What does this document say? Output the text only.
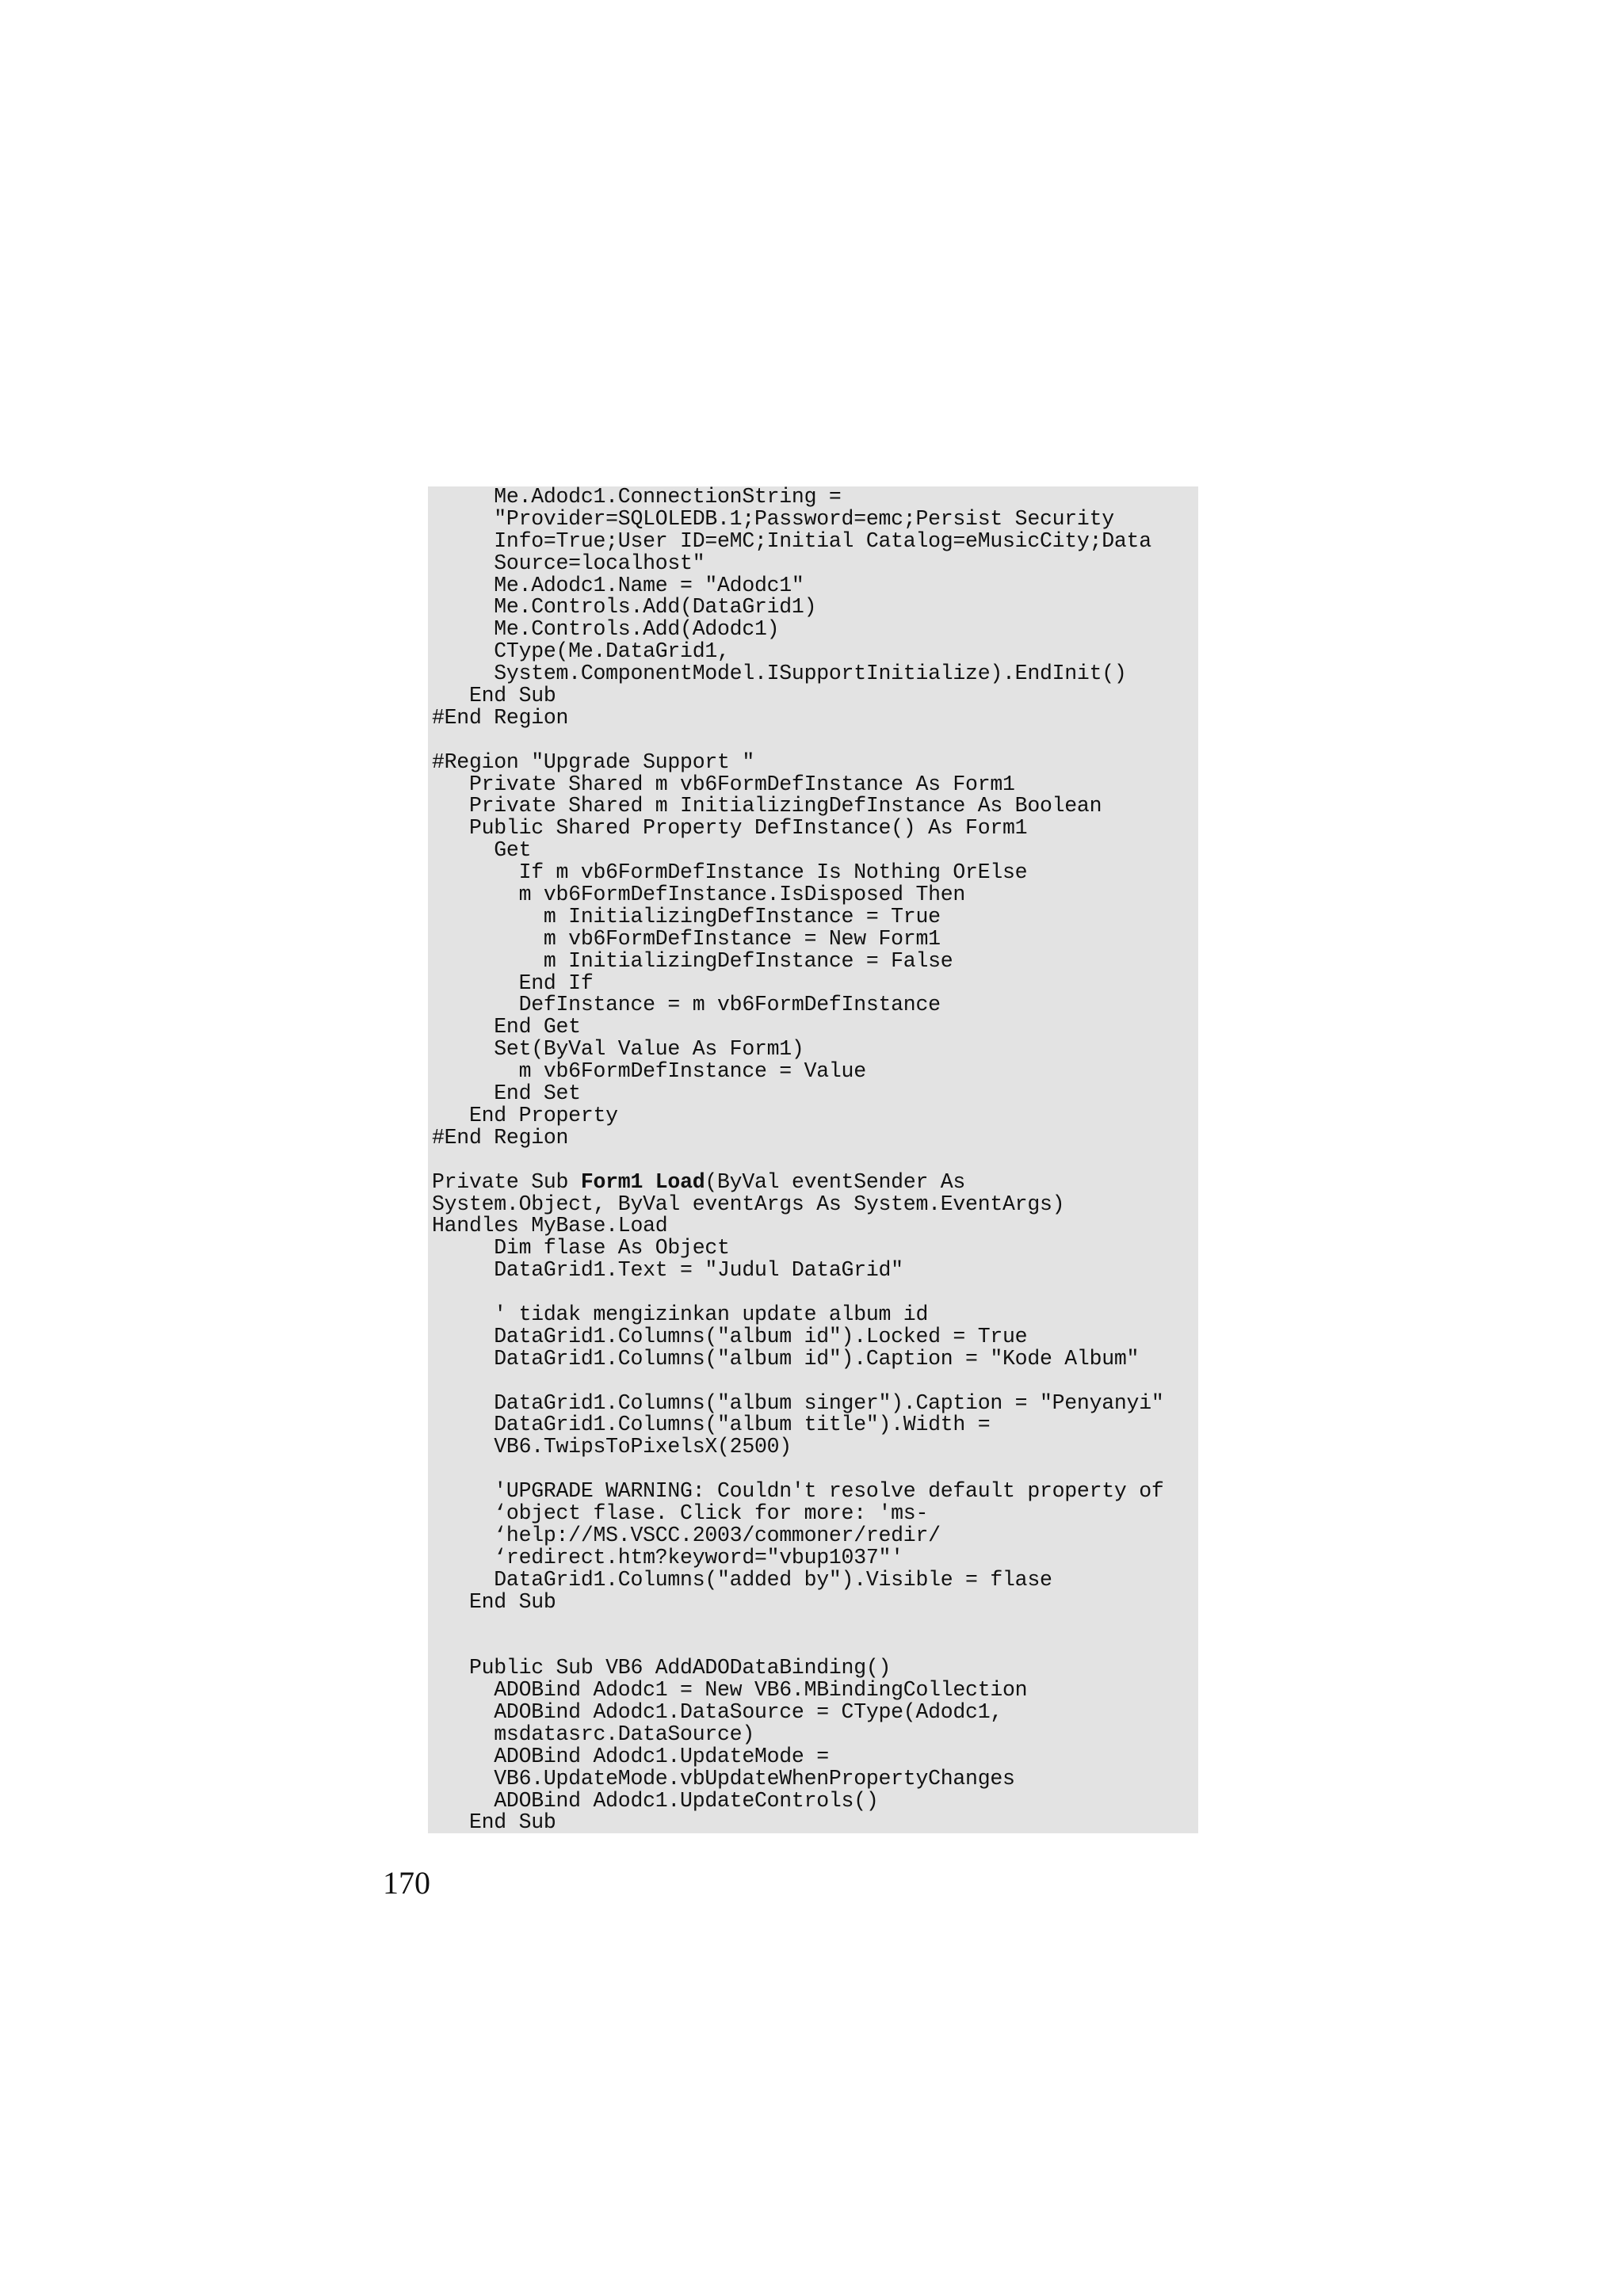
Me.Adodc1.ConnectionString =
"Provider=SQLOLEDB.1;Password=emc;Persist Security
Info=True;User ID=eMC;Initial Catalog=eMusicCity;Data
Source=localhost"
Me.Adodc1.Name = "Adodc1"
Me.Controls.Add(DataGrid1)
Me.Controls.Add(Adodc1)
CType(Me.DataGrid1,
System.ComponentModel.ISupportInitialize).EndInit()
End Sub
#End Region
#Region "Upgrade Support "
Private Shared m vb6FormDefInstance As Form1
Private Shared m InitializingDefInstance As Boolean
Public Shared Property DefInstance() As Form1
Get
If m vb6FormDefInstance Is Nothing OrElse
m vb6FormDefInstance.IsDisposed Then
m InitializingDefInstance = True
m vb6FormDefInstance = New Form1
m InitializingDefInstance = False
End If
DefInstance = m vb6FormDefInstance
End Get
Set(ByVal Value As Form1)
m vb6FormDefInstance = Value
End Set
End Property
#End Region
Private Sub Form1 Load(ByVal eventSender As
System.Object, ByVal eventArgs As System.EventArgs)
Handles MyBase.Load
Dim flase As Object
DataGrid1.Text = "Judul DataGrid"
' tidak mengizinkan update album id
DataGrid1.Columns("album id").Locked = True
DataGrid1.Columns("album id").Caption = "Kode Album"
DataGrid1.Columns("album singer").Caption = "Penyanyi"
DataGrid1.Columns("album title").Width =
VB6.TwipsToPixelsX(2500)
'UPGRADE WARNING: Couldn't resolve default property of
‘object flase. Click for more: 'ms-
‘help://MS.VSCC.2003/commoner/redir/
‘redirect.htm?keyword="vbup1037"'
DataGrid1.Columns("added by").Visible = flase
End Sub
Public Sub VB6 AddADODataBinding()
ADOBind Adodc1 = New VB6.MBindingCollection
ADOBind Adodc1.DataSource = CType(Adodc1,
msdatasrc.DataSource)
ADOBind Adodc1.UpdateMode =
VB6.UpdateMode.vbUpdateWhenPropertyChanges
ADOBind Adodc1.UpdateControls()
End Sub
170
